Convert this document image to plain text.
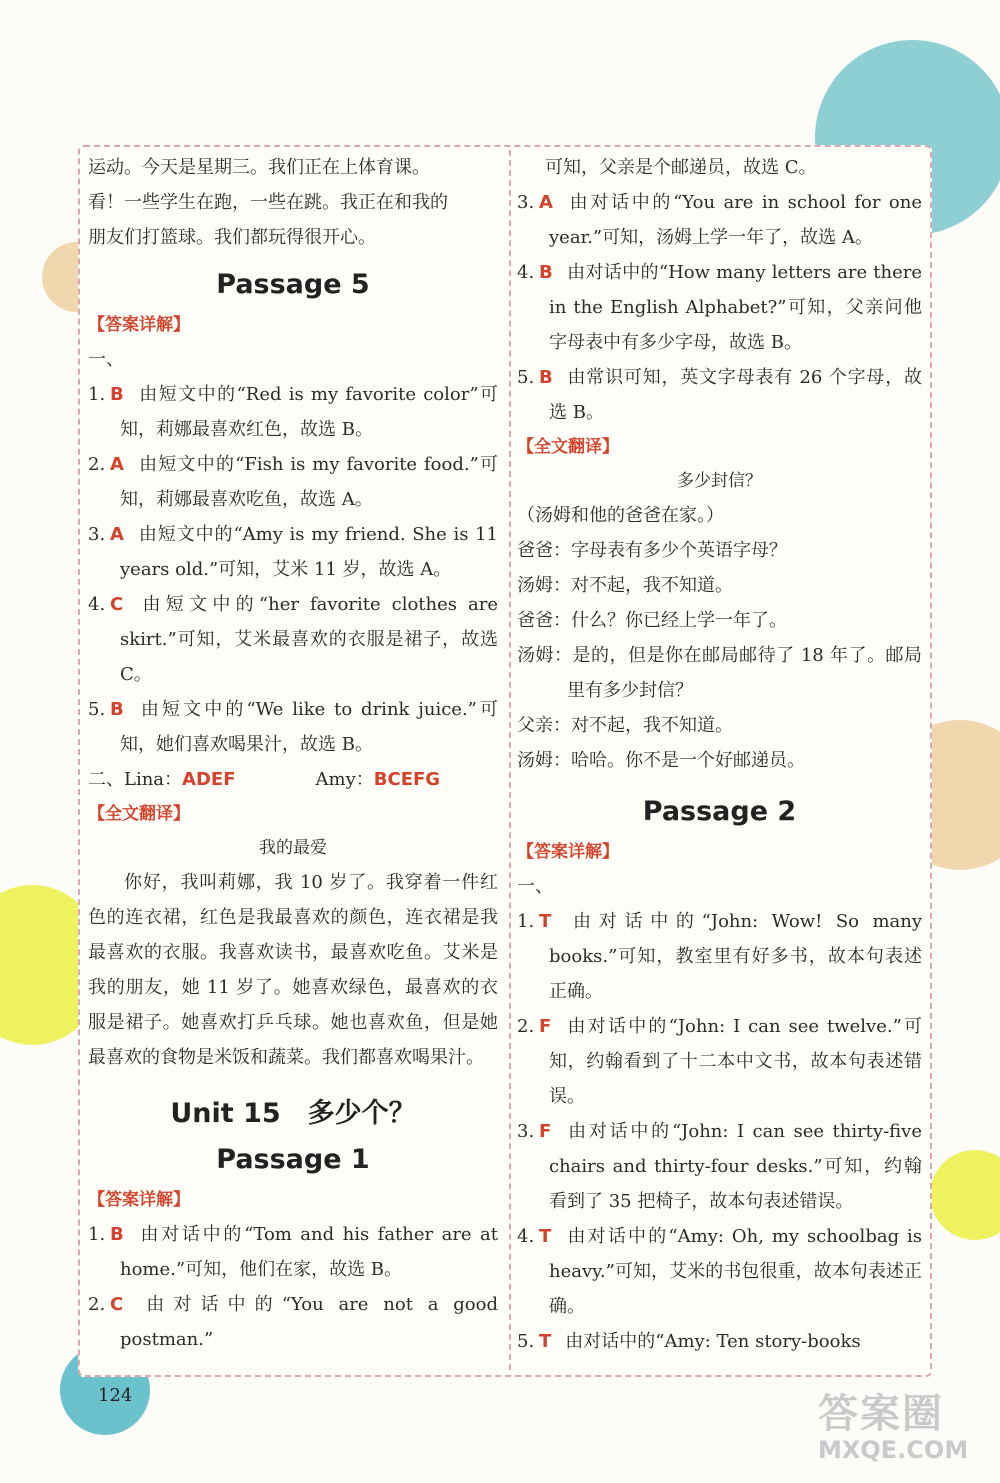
运动。今天是星期三。我们正在上体育课。

看！一些学生在跑，一些在跳。我正在和我的

朋友们打篮球。我们都玩得很开心。

Passage 5
【答案详解】

一、

1. B 由短文中的“Red is my favorite color”可知，莉娜最喜欢红色，故选 B。

2. A 由短文中的“Fish is my favorite food.”可知，莉娜最喜欢吃鱼，故选 A。

3. A 由短文中的“Amy is my friend. She is 11 years old.”可知，艾米 11 岁，故选 A。

4. C 由短文中的“her favorite clothes are skirt.”可知，艾米最喜欢的衣服是裙子，故选 C。

5. B 由短文中的“We like to drink juice.”可知，她们喜欢喝果汁，故选 B。

二、Lina：ADEF	Amy：BCEFG

【全文翻译】
我的最爱

你好，我叫莉娜，我 10 岁了。我穿着一件红色的连衣裙，红色是我最喜欢的颜色，连衣裙是我最喜欢的衣服。我喜欢读书，最喜欢吃鱼。艾米是我的朋友，她 11 岁了。她喜欢绿色，最喜欢的衣服是裙子。她喜欢打乒乓球。她也喜欢鱼，但是她最喜欢的食物是米饭和蔬菜。我们都喜欢喝果汁。

Unit 15　多少个？
Passage 1
【答案详解】

1. B 由对话中的“Tom and his father are at home.”可知，他们在家，故选 B。

2. C 由对话中的“You are not a good postman.”

可知，父亲是个邮递员，故选 C。

3. A 由对话中的“You are in school for one year.”可知，汤姆上学一年了，故选 A。

4. B 由对话中的“How many letters are there in the English Alphabet?”可知，父亲问他字母表中有多少字母，故选 B。

5. B 由常识可知，英文字母表有 26 个字母，故选 B。

【全文翻译】
多少封信？

（汤姆和他的爸爸在家。）

爸爸：字母表有多少个英语字母？

汤姆：对不起，我不知道。

爸爸：什么？你已经上学一年了。

汤姆：是的，但是你在邮局邮待了 18 年了。邮局里有多少封信？

父亲：对不起，我不知道。

汤姆：哈哈。你不是一个好邮递员。

Passage 2
【答案详解】

一、

1. T 由对话中的“John: Wow! So many books.”可知，教室里有好多书，故本句表述正确。

2. F 由对话中的“John: I can see twelve.”可知，约翰看到了十二本中文书，故本句表述错误。

3. F 由对话中的“John: I can see thirty-five chairs and thirty-four desks.”可知，约翰看到了 35 把椅子，故本句表述错误。

4. T 由对话中的“Amy: Oh, my schoolbag is heavy.”可知，艾米的书包很重，故本句表述正确。

5. T 由对话中的“Amy: Ten story-books

124	答案圈
MXQE.COM
